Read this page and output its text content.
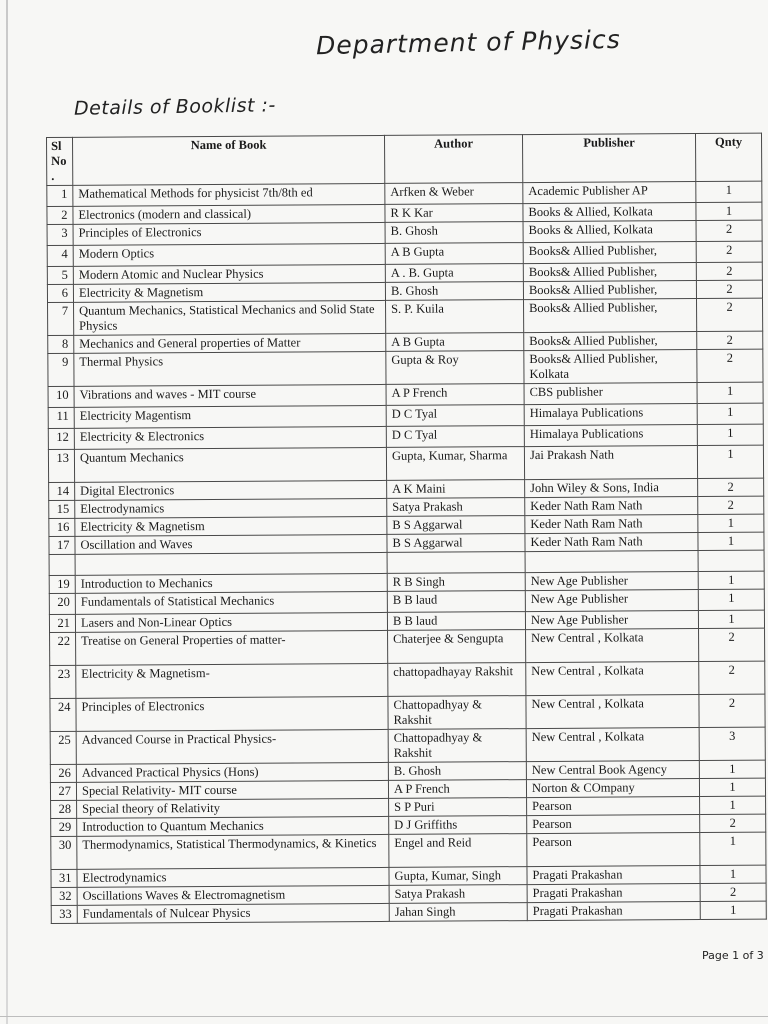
Department of Physics
Details of Booklist :-
Sl No .	Name of Book	Author	Publisher	Qnty
1	Mathematical Methods for physicist 7th/8th ed	Arfken & Weber	Academic Publisher AP	1
2	Electronics (modern and classical)	R K Kar	Books & Allied, Kolkata	1
3	Principles of Electronics	B. Ghosh	Books & Allied, Kolkata	2
4	Modern Optics	A B Gupta	Books& Allied Publisher,	2
5	Modern Atomic and Nuclear Physics	A . B. Gupta	Books& Allied Publisher,	2
6	Electricity & Magnetism	B. Ghosh	Books& Allied Publisher,	2
7	Quantum Mechanics, Statistical Mechanics and Solid State Physics	S. P. Kuila	Books& Allied Publisher,	2
8	Mechanics and General properties of Matter	A B Gupta	Books& Allied Publisher,	2
9	Thermal Physics	Gupta & Roy	Books& Allied Publisher, Kolkata	2
10	Vibrations and waves - MIT course	A P French	CBS publisher	1
11	Electricity Magentism	D C Tyal	Himalaya Publications	1
12	Electricity & Electronics	D C Tyal	Himalaya Publications	1
13	Quantum Mechanics	Gupta, Kumar, Sharma	Jai Prakash Nath	1
14	Digital Electronics	A K Maini	John Wiley & Sons, India	2
15	Electrodynamics	Satya Prakash	Keder Nath Ram Nath	2
16	Electricity & Magnetism	B S Aggarwal	Keder Nath Ram Nath	1
17	Oscillation and Waves	B S Aggarwal	Keder Nath Ram Nath	1

19	Introduction to Mechanics	R B Singh	New Age Publisher	1
20	Fundamentals of Statistical Mechanics	B B laud	New Age Publisher	1
21	Lasers and Non-Linear Optics	B B laud	New Age Publisher	1
22	Treatise on General Properties of matter-	Chaterjee & Sengupta	New Central , Kolkata	2
23	Electricity & Magnetism-	chattopadhayay Rakshit	New Central , Kolkata	2
24	Principles of Electronics	Chattopadhyay & Rakshit	New Central , Kolkata	2
25	Advanced Course in Practical Physics-	Chattopadhyay & Rakshit	New Central , Kolkata	3
26	Advanced Practical Physics (Hons)	B. Ghosh	New Central Book Agency	1
27	Special Relativity- MIT course	A P French	Norton & COmpany	1
28	Special theory of Relativity	S P Puri	Pearson	1
29	Introduction to Quantum Mechanics	D J Griffiths	Pearson	2
30	Thermodynamics, Statistical Thermodynamics, & Kinetics	Engel and Reid	Pearson	1
31	Electrodynamics	Gupta, Kumar, Singh	Pragati Prakashan	1
32	Oscillations Waves & Electromagnetism	Satya Prakash	Pragati Prakashan	2
33	Fundamentals of Nulcear Physics	Jahan Singh	Pragati Prakashan	1
Page 1 of 3
